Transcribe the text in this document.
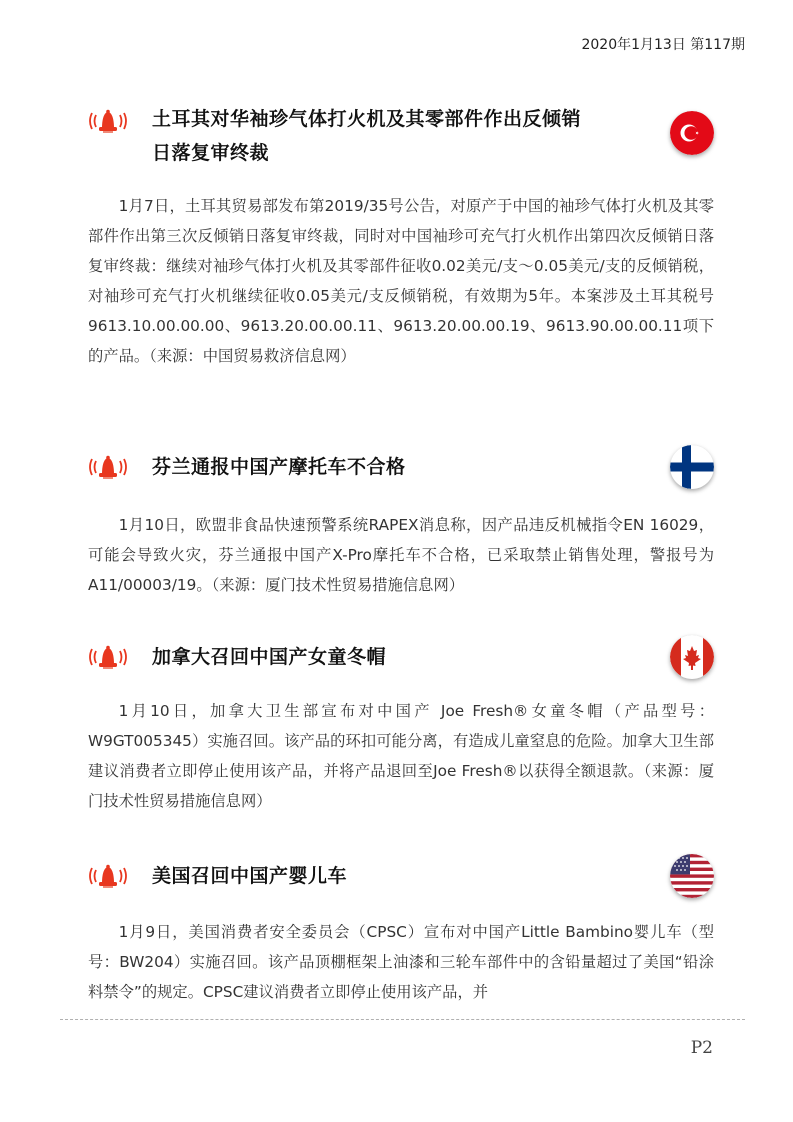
2020年1月13日 第117期
土耳其对华袖珍气体打火机及其零部件作出反倾销
日落复审终裁
1月7日，土耳其贸易部发布第2019/35号公告，对原产于中国的袖珍气体打火机及其零部件作出第三次反倾销日落复审终裁，同时对中国袖珍可充气打火机作出第四次反倾销日落复审终裁：继续对袖珍气体打火机及其零部件征收0.02美元/支～0.05美元/支的反倾销税，对袖珍可充气打火机继续征收0.05美元/支反倾销税，有效期为5年。本案涉及土耳其税号9613.10.00.00.00、9613.20.00.00.11、9613.20.00.00.19、9613.90.00.00.11项下的产品。（来源：中国贸易救济信息网）
芬兰通报中国产摩托车不合格
1月10日，欧盟非食品快速预警系统RAPEX消息称，因产品违反机械指令EN 16029，可能会导致火灾，芬兰通报中国产X-Pro摩托车不合格，已采取禁止销售处理，警报号为A11/00003/19。（来源：厦门技术性贸易措施信息网）
加拿大召回中国产女童冬帽
1月10日，加拿大卫生部宣布对中国产 Joe Fresh®女童冬帽（产品型号：W9GT005345）实施召回。该产品的环扣可能分离，有造成儿童窒息的危险。加拿大卫生部建议消费者立即停止使用该产品，并将产品退回至Joe Fresh®以获得全额退款。（来源：厦门技术性贸易措施信息网）
美国召回中国产婴儿车
1月9日，美国消费者安全委员会（CPSC）宣布对中国产Little Bambino婴儿车（型号：BW204）实施召回。该产品顶棚框架上油漆和三轮车部件中的含铅量超过了美国“铅涂料禁令”的规定。CPSC建议消费者立即停止使用该产品，并
P2
